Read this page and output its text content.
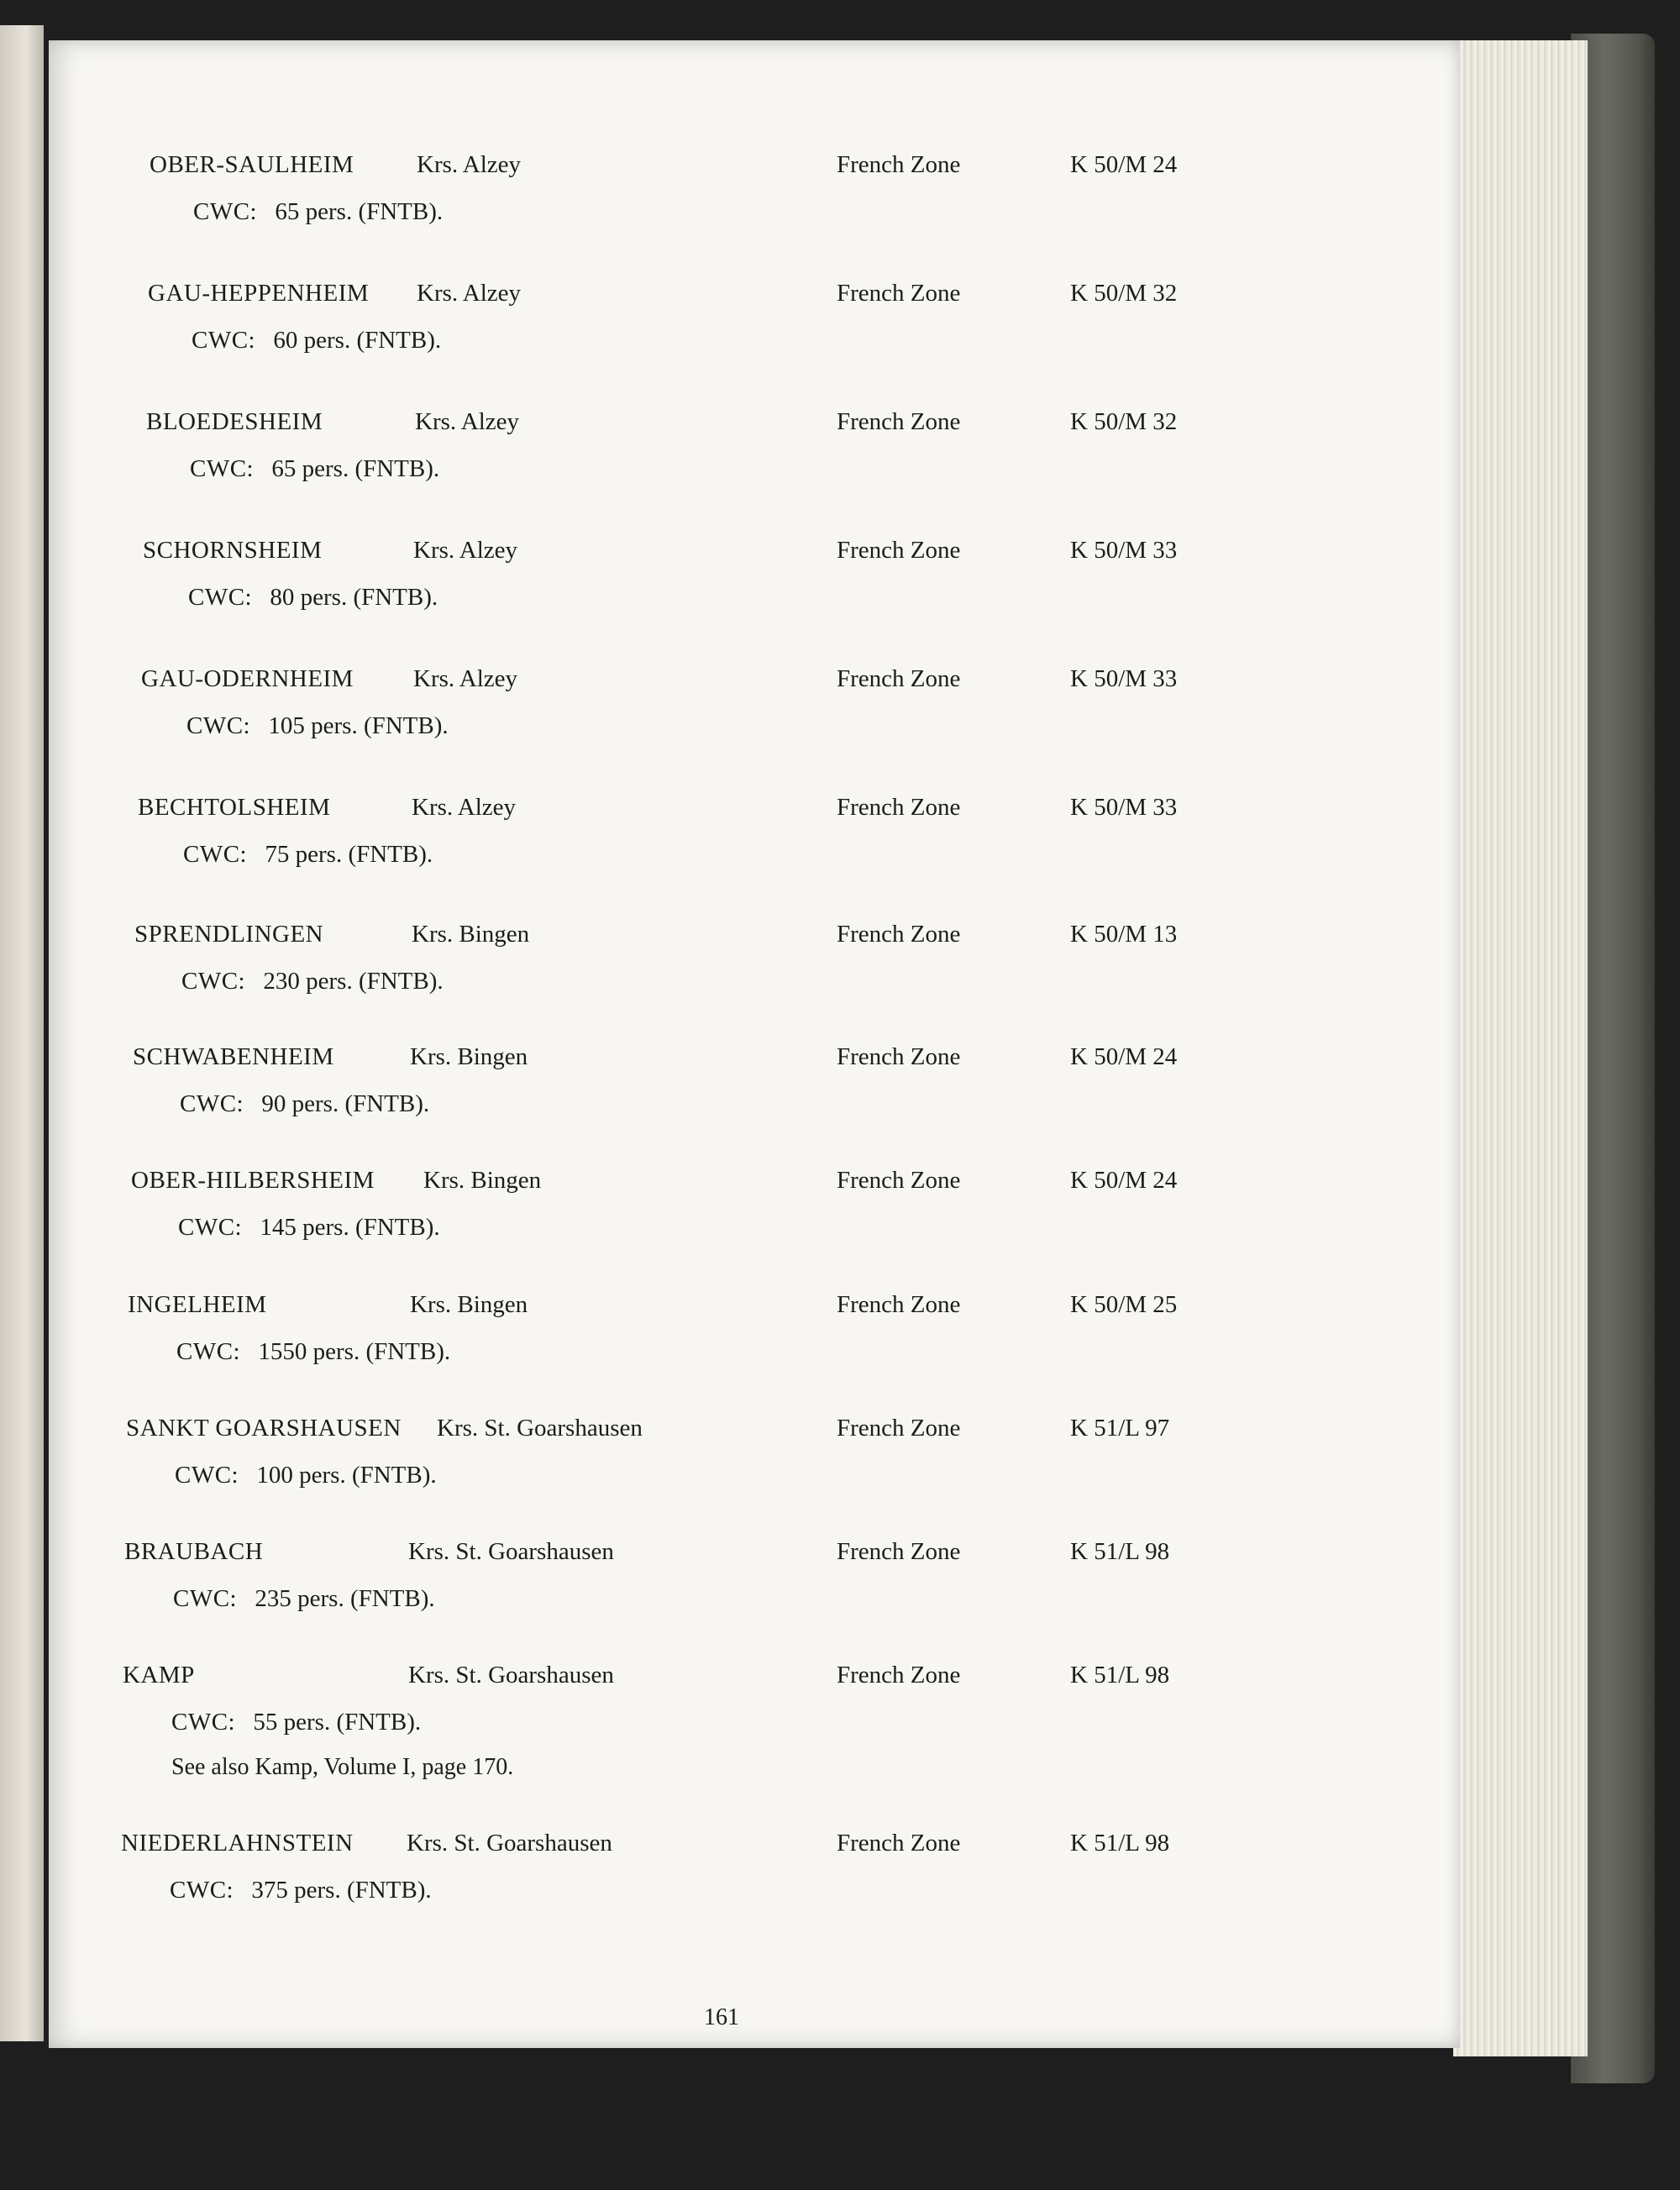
OBER-SAULHEIM	Krs. Alzey	French Zone	K 50/M 24
CWC: 65 pers. (FNTB).
GAU-HEPPENHEIM Krs. Alzey	French Zone	K 50/M 32
CWC: 60 pers. (FNTB).
BLOEDESHEIM	Krs. Alzey	French Zone	K 50/M 32
CWC: 65 pers. (FNTB).
SCHORNSHEIM	Krs. Alzey	French Zone	K 50/M 33
CWC: 80 pers. (FNTB).
GAU-ODERNHEIM Krs. Alzey	French Zone	K 50/M 33
CWC: 105 pers. (FNTB).
BECHTOLSHEIM	Krs. Alzey	French Zone	K 50/M 33
CWC: 75 pers. (FNTB).
SPRENDLINGEN	Krs. Bingen	French Zone	K 50/M 13
CWC: 230 pers. (FNTB).
SCHWABENHEIM	Krs. Bingen	French Zone	K 50/M 24
CWC: 90 pers. (FNTB).
OBER-HILBERSHEIM Krs. Bingen	French Zone	K 50/M 24
CWC: 145 pers. (FNTB).
INGELHEIM	Krs. Bingen	French Zone	K 50/M 25
CWC: 1550 pers. (FNTB).
SANKT GOARSHAUSEN Krs. St. Goarshausen	French Zone	K 51/L 97
CWC: 100 pers. (FNTB).
BRAUBACH	Krs. St. Goarshausen	French Zone	K 51/L 98
CWC: 235 pers. (FNTB).
KAMP	Krs. St. Goarshausen	French Zone	K 51/L 98
CWC: 55 pers. (FNTB).
See also Kamp, Volume I, page 170.
NIEDERLAHNSTEIN Krs. St. Goarshausen	French Zone	K 51/L 98
CWC: 375 pers. (FNTB).
161
